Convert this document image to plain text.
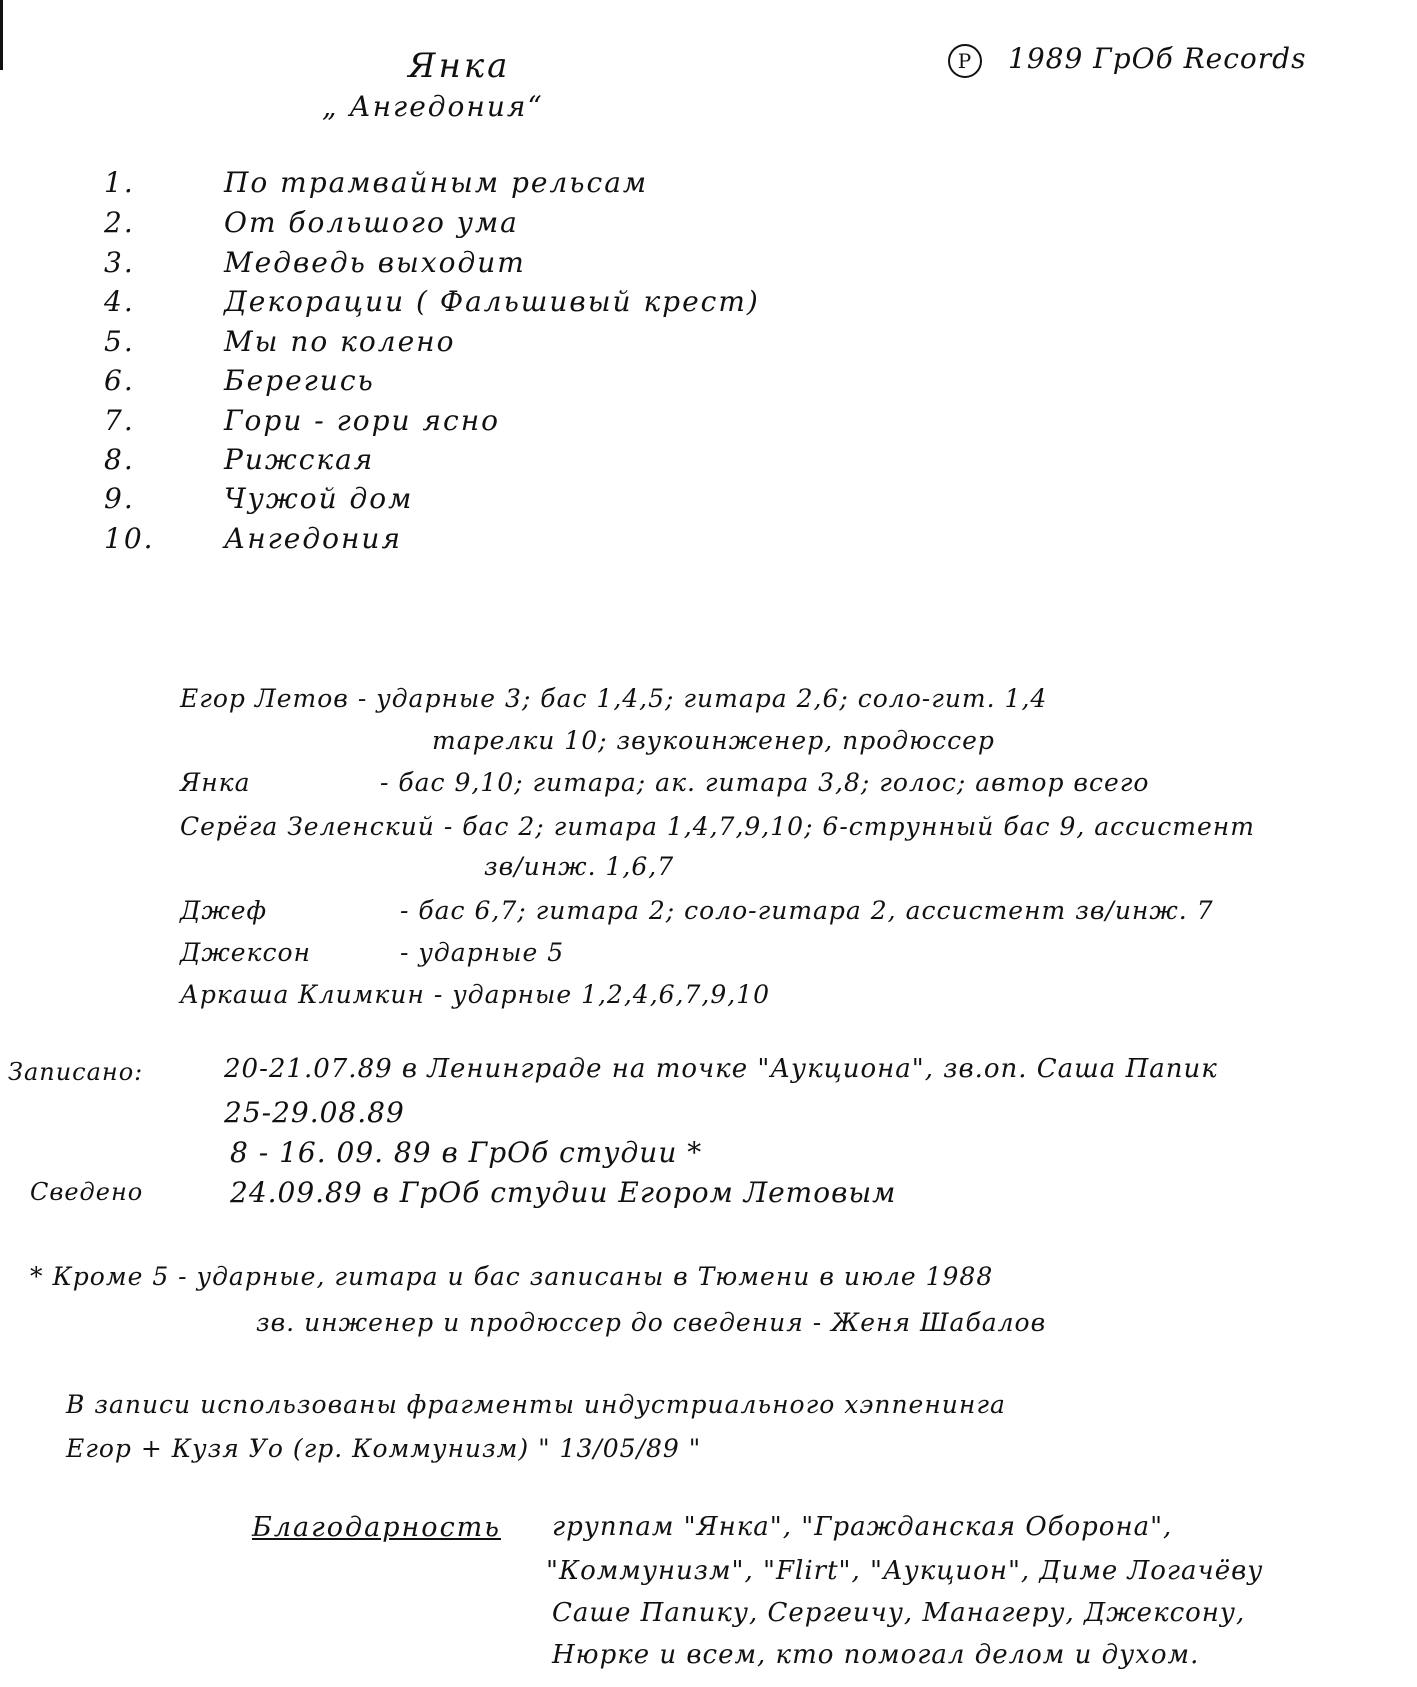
Янка
„ Ангедония“
P 1989 ГрОб Records
1.	По трамвайным рельсам
2.	От большого ума
3.	Медведь выходит
4.	Декорации ( Фальшивый крест)
5.	Мы по колено
6.	Берегись
7.	Гори - гори ясно
8.	Рижская
9.	Чужой дом
10. Ангедония
Егор Летов - ударные 3; бас 1,4,5; гитара 2,6; соло-гит. 1,4
тарелки 10; звукоинженер, продюссер
Янка	- бас 9,10; гитара; ак. гитара 3,8; голос; автор всего
Серёга Зеленский - бас 2; гитара 1,4,7,9,10; 6-струнный бас 9, ассистент
зв/инж. 1,6,7
Джеф	- бас 6,7; гитара 2; соло-гитара 2, ассистент зв/инж. 7
Джексон	- ударные 5
Аркаша Климкин - ударные 1,2,4,6,7,9,10
Записано:	20-21.07.89 в Ленинграде на точке "Аукциона", зв.оп. Саша Папик
25-29.08.89
8 - 16. 09. 89 в ГрОб студии *
Сведено	24.09.89 в ГрОб студии Егором Летовым
* Кроме 5 - ударные, гитара и бас записаны в Тюмени в июле 1988
зв. инженер и продюссер до сведения - Женя Шабалов
В записи использованы фрагменты индустриального хэппенинга
Егор + Кузя Уо (гр. Коммунизм) " 13/05/89 "
Благодарность группам "Янка", "Гражданская Оборона",
"Коммунизм", "Flirt", "Аукцион", Диме Логачёву
Саше Папику, Сергеичу, Манагеру, Джексону,
Нюрке и всем, кто помогал делом и духом.
